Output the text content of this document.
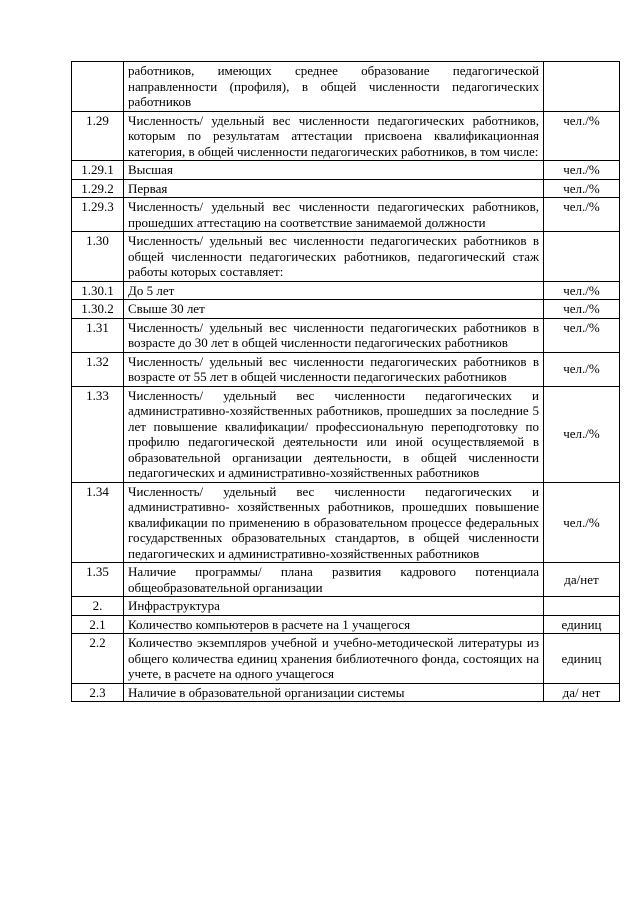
	работников, имеющих среднее образование педагогической направленности (профиля), в общей численности педагогических работников	
1.29	Численность/ удельный вес численности педагогических работников, которым по результатам аттестации присвоена квалификационная категория, в общей численности педагогических работников, в том числе:	чел./%
1.29.1	Высшая	чел./%
1.29.2	Первая	чел./%
1.29.3	Численность/ удельный вес численности педагогических работников, прошедших аттестацию на соответствие занимаемой должности	чел./%
1.30	Численность/ удельный вес численности педагогических работников в общей численности педагогических работников, педагогический стаж работы которых составляет:	
1.30.1	До 5 лет	чел./%
1.30.2	Свыше 30 лет	чел./%
1.31	Численность/ удельный вес численности педагогических работников в возрасте до 30 лет в общей численности педагогических работников	чел./%
1.32	Численность/ удельный вес численности педагогических работников в возрасте от 55 лет в общей численности педагогических работников	чел./%
1.33	Численность/ удельный вес численности педагогических и административно-хозяйственных работников, прошедших за последние 5 лет повышение квалификации/ профессиональную переподготовку по профилю педагогической деятельности или иной осуществляемой в образовательной организации деятельности, в общей численности педагогических и административно-хозяйственных работников	чел./%
1.34	Численность/ удельный вес численности педагогических и административно- хозяйственных работников, прошедших повышение квалификации по применению в образовательном процессе федеральных государственных образовательных стандартов, в общей численности педагогических и административно-хозяйственных работников	чел./%
1.35	Наличие программы/ плана развития кадрового потенциала общеобразовательной организации	да/нет
2.	Инфраструктура	
2.1	Количество компьютеров в расчете на 1 учащегося	единиц
2.2	Количество экземпляров учебной и учебно-методической литературы из общего количества единиц хранения библиотечного фонда, состоящих на учете, в расчете на одного учащегося	единиц
2.3	Наличие в образовательной организации системы	да/ нет
